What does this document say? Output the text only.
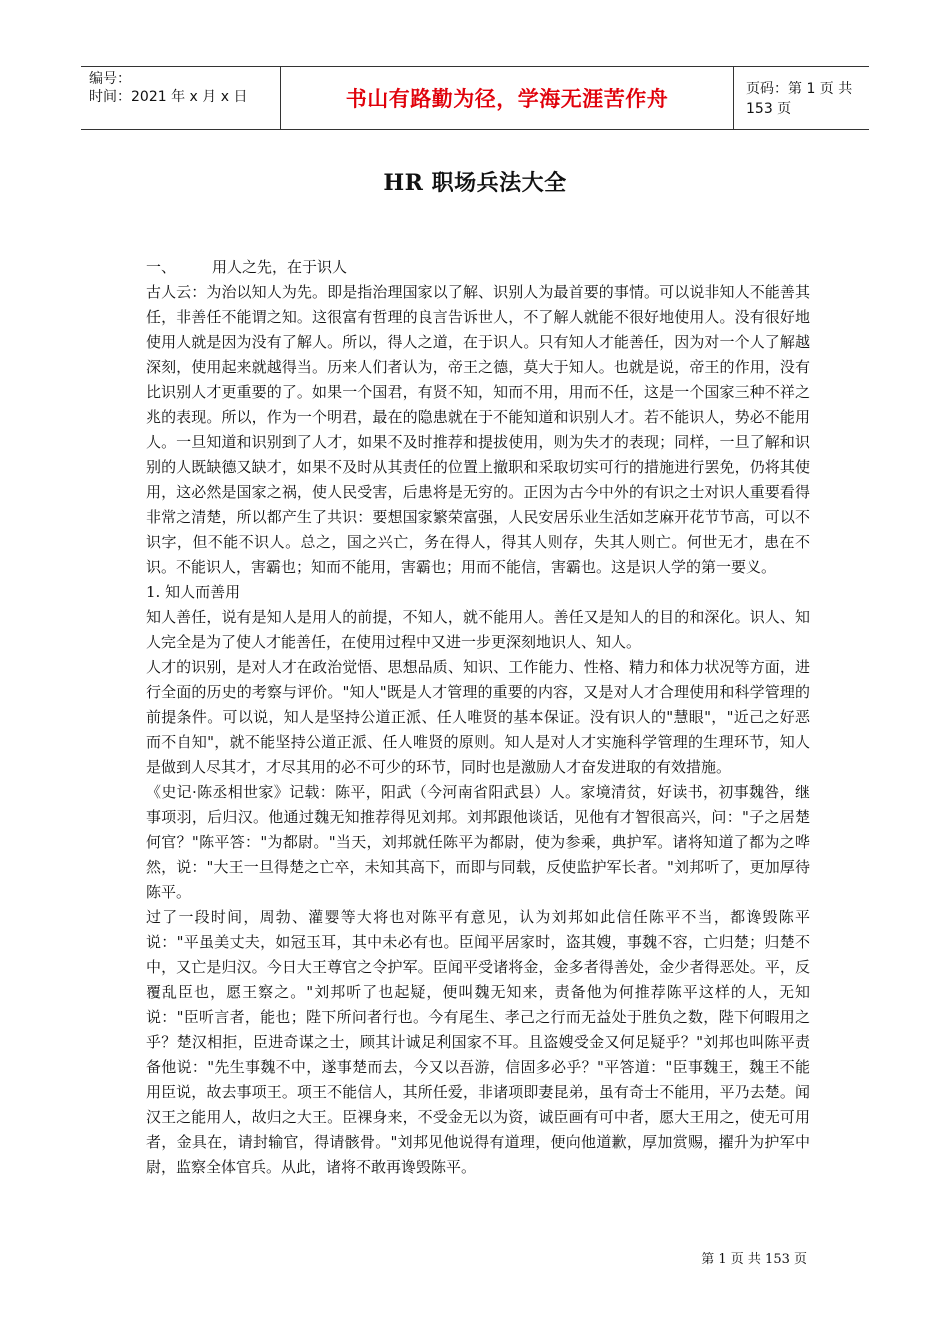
编号：
时间：2021 年 x 月 x 日	书山有路勤为径，学海无涯苦作舟	页码：第 1 页 共 153 页
HR 职场兵法大全
一、	用人之先，在于识人

古人云：为治以知人为先。即是指治理国家以了解、识别人为最首要的事情。可以说非知人不能善其任，非善任不能谓之知。这很富有哲理的良言告诉世人，不了解人就能不很好地使用人。没有很好地使用人就是因为没有了解人。所以，得人之道，在于识人。只有知人才能善任，因为对一个人了解越深刻，使用起来就越得当。历来人们者认为，帝王之德，莫大于知人。也就是说，帝王的作用，没有比识别人才更重要的了。如果一个国君，有贤不知，知而不用，用而不任，这是一个国家三种不祥之兆的表现。所以，作为一个明君，最在的隐患就在于不能知道和识别人才。若不能识人，势必不能用人。一旦知道和识别到了人才，如果不及时推荐和提拔使用，则为失才的表现；同样，一旦了解和识别的人既缺德又缺才，如果不及时从其责任的位置上撤职和采取切实可行的措施进行罢免，仍将其使用，这必然是国家之祸，使人民受害，后患将是无穷的。正因为古今中外的有识之士对识人重要看得非常之清楚，所以都产生了共识：要想国家繁荣富强，人民安居乐业生活如芝麻开花节节高，可以不识字，但不能不识人。总之，国之兴亡，务在得人，得其人则存，失其人则亡。何世无才，患在不识。不能识人，害霸也；知而不能用，害霸也；用而不能信，害霸也。这是识人学的第一要义。

1. 知人而善用

知人善任，说有是知人是用人的前提，不知人，就不能用人。善任又是知人的目的和深化。识人、知人完全是为了使人才能善任，在使用过程中又进一步更深刻地识人、知人。

人才的识别，是对人才在政治觉悟、思想品质、知识、工作能力、性格、精力和体力状况等方面，进行全面的历史的考察与评价。"知人"既是人才管理的重要的内容，又是对人才合理使用和科学管理的前提条件。可以说，知人是坚持公道正派、任人唯贤的基本保证。没有识人的"慧眼"，"近己之好恶而不自知"，就不能坚持公道正派、任人唯贤的原则。知人是对人才实施科学管理的生理环节，知人是做到人尽其才，才尽其用的必不可少的环节，同时也是激励人才奋发进取的有效措施。

《史记·陈丞相世家》记载：陈平，阳武（今河南省阳武县）人。家境清贫，好读书，初事魏咎，继事项羽，后归汉。他通过魏无知推荐得见刘邦。刘邦跟他谈话，见他有才智很高兴，问："子之居楚何官？"陈平答："为都尉。"当天，刘邦就任陈平为都尉，使为参乘，典护军。诸将知道了都为之哗然，说："大王一旦得楚之亡卒，未知其高下，而即与同载，反使监护军长者。"刘邦听了，更加厚待陈平。

过了一段时间，周勃、灌婴等大将也对陈平有意见，认为刘邦如此信任陈平不当，都谗毁陈平说："平虽美丈夫，如冠玉耳，其中未必有也。臣闻平居家时，盗其嫂，事魏不容，亡归楚；归楚不中，又亡是归汉。今日大王尊官之令护军。臣闻平受诸将金，金多者得善处，金少者得恶处。平，反覆乱臣也，愿王察之。"刘邦听了也起疑，便叫魏无知来，责备他为何推荐陈平这样的人，无知说："臣听言者，能也；陛下所问者行也。今有尾生、孝己之行而无益处于胜负之数，陛下何暇用之乎？楚汉相拒，臣进奇谋之士，顾其计诚足利国家不耳。且盗嫂受金又何足疑乎？"刘邦也叫陈平责备他说："先生事魏不中，遂事楚而去，今又以吾游，信固多必乎？"平答道："臣事魏王，魏王不能用臣说，故去事项王。项王不能信人，其所任爱，非诸项即妻昆弟，虽有奇士不能用，平乃去楚。闻汉王之能用人，故归之大王。臣裸身来，不受金无以为资，诚臣画有可中者，愿大王用之，使无可用者，金具在，请封输官，得请骸骨。"刘邦见他说得有道理，便向他道歉，厚加赏赐，擢升为护军中尉，监察全体官兵。从此，诸将不敢再谗毁陈平。

第 1 页 共 153 页
